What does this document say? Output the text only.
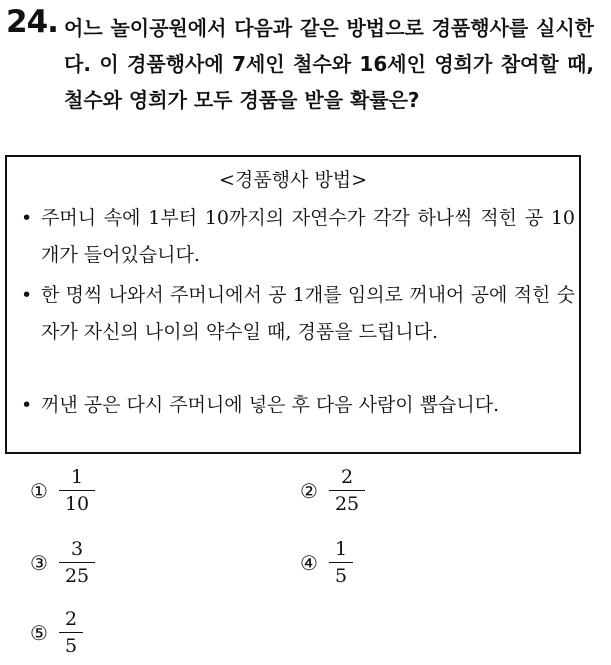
24. 어느 놀이공원에서 다음과 같은 방법으로 경품행사를 실시한다. 이 경품행사에 7세인 철수와 16세인 영희가 참여할 때, 철수와 영희가 모두 경품을 받을 확률은?
<경품행사 방법>
• 주머니 속에 1부터 10까지의 자연수가 각각 하나씩 적힌 공 10개가 들어있습니다.
• 한 명씩 나와서 주머니에서 공 1개를 임의로 꺼내어 공에 적힌 숫자가 자신의 나이의 약수일 때, 경품을 드립니다.
• 꺼낸 공은 다시 주머니에 넣은 후 다음 사람이 뽑습니다.
① $\frac{1}{10}$	② $\frac{2}{25}$
③ $\frac{3}{25}$	④ $\frac{1}{5}$
⑤ $\frac{2}{5}$
